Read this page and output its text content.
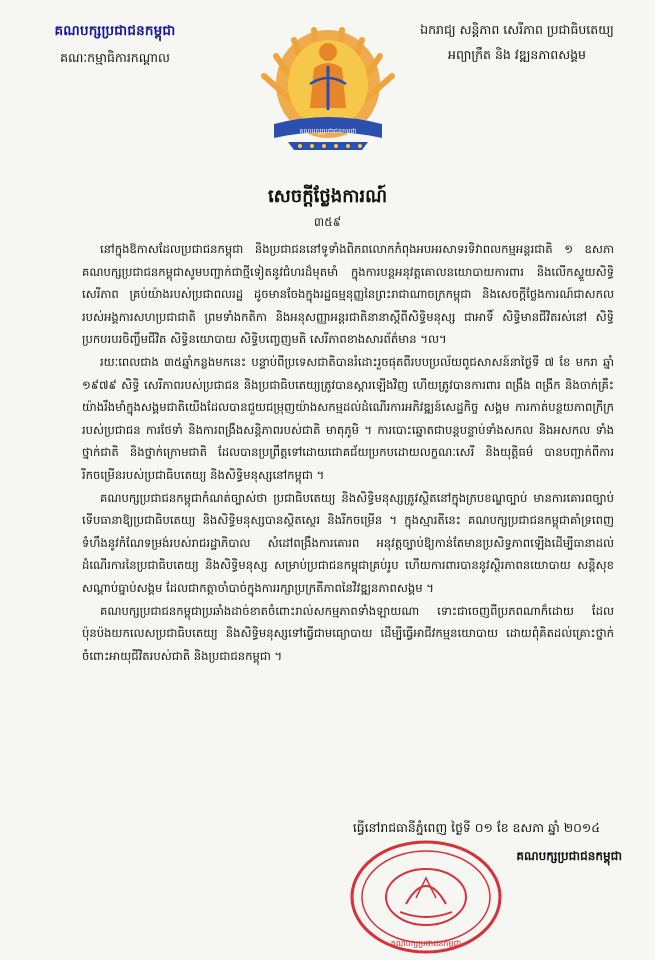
គណបក្សប្រជាជនកម្ពុជា
គណៈកម្មាធិការកណ្តាល
គណបក្សប្រជាជនកម្ពុជា
ឯករាជ្យ សន្តិភាព សេរីភាព ប្រជាធិបតេយ្យ
អព្យាក្រឹត និង វឌ្ឍនភាពសង្គម
សេចក្តីថ្លែងការណ៍
៣៥៩

នៅក្នុងឱកាសដែលប្រជាជនកម្ពុជា និងប្រជាជននៅទូទាំងពិភពលោកកំពុងអបអរសាទរទិវាពលកម្មអន្តរជាតិ ១ ឧសភា គណបក្សប្រជាជនកម្ពុជាសូមបញ្ជាក់ជាថ្មីទៀតនូវជំហរដ៏មុតមាំ ក្នុងការបន្តអនុវត្តគោលនយោបាយការពារ និងលើកស្ទួយសិទ្ធិ សេរីភាព គ្រប់យ៉ាងរបស់ប្រជាពលរដ្ឋ ដូចមានចែងក្នុងរដ្ឋធម្មនុញ្ញនៃព្រះរាជាណាចក្រកម្ពុជា និងសេចក្តីថ្លែងការណ៍ជាសកលរបស់អង្គការសហប្រជាជាតិ ព្រមទាំងកតិកា និងអនុសញ្ញាអន្តរជាតិនានាស្តីពីសិទ្ធិមនុស្ស ជាអាទិ៍ សិទ្ធិមានជីវិតរស់នៅ សិទ្ធិប្រកបរបរចិញ្ចឹមជីវិត សិទ្ធិនយោបាយ សិទ្ធិបញ្ចេញមតិ សេរីភាពខាងសារព័ត៌មាន ។ល។

រយៈពេលជាង ៣៥ឆ្នាំកន្លងមកនេះ បន្ទាប់ពីប្រទេសជាតិបានរំដោះរួចផុតពីរបបប្រល័យពូជសាសន៍នាថ្ងៃទី ៧ ខែ មករា ឆ្នាំ ១៩៧៩ សិទ្ធិ សេរីភាពរបស់ប្រជាជន និងប្រជាធិបតេយ្យត្រូវបានស្តារឡើងវិញ ហើយត្រូវបានការពារ ពង្រឹង ពង្រីក និងចាក់គ្រឹះយ៉ាងរឹងមាំក្នុងសង្គមជាតិយើងដែលបានជួយជម្រុញយ៉ាងសកម្មដល់ដំណើរការអភិវឌ្ឍន៍សេដ្ឋកិច្ច សង្គម ការកាត់បន្ថយភាពក្រីក្ររបស់ប្រជាជន ការថែទាំ និងការពង្រឹងសន្តិភាពរបស់ជាតិ មាតុភូមិ ។ ការបោះឆ្នោតជាបន្តបន្ទាប់ទាំងសកល និងអសកល ទាំងថ្នាក់ជាតិ និងថ្នាក់ក្រោមជាតិ ដែលបានប្រព្រឹត្តទៅដោយជោគជ័យប្រកបដោយលក្ខណៈសេរី និងយុត្តិធម៌ បានបញ្ជាក់ពីការរីកចម្រើនរបស់ប្រជាធិបតេយ្យ និងសិទ្ធិមនុស្សនៅកម្ពុជា ។

គណបក្សប្រជាជនកម្ពុជាកំណត់ច្បាស់ថា ប្រជាធិបតេយ្យ និងសិទ្ធិមនុស្សត្រូវស្ថិតនៅក្នុងក្របខណ្ឌច្បាប់ មានការគោរពច្បាប់ទើបធានាឱ្យប្រជាធិបតេយ្យ និងសិទ្ធិមនុស្សបានស្ថិតស្ថេរ និងរីកចម្រើន ។ ក្នុងស្មារតីនេះ គណបក្សប្រជាជនកម្ពុជាគាំទ្រពេញទំហឹងនូវកំណែទម្រង់របស់រាជរដ្ឋាភិបាល សំដៅពង្រឹងការគោរព អនុវត្តច្បាប់ឱ្យកាន់តែមានប្រសិទ្ធភាពឡើងដើម្បីធានាដល់ដំណើរការនៃប្រជាធិបតេយ្យ និងសិទ្ធិមនុស្ស សម្រាប់ប្រជាជនកម្ពុជាគ្រប់រូប ហើយការពារបាននូវស្ថិរភាពនយោបាយ សន្តិសុខ សណ្តាប់ធ្នាប់សង្គម ដែលជាកត្តាចាំបាច់ក្នុងការរក្សាប្រក្រតីភាពនៃវិវឌ្ឍនភាពសង្គម ។

គណបក្សប្រជាជនកម្ពុជាប្រឆាំងដាច់ខាតចំពោះរាល់សកម្មភាពទាំងឡាយណា ទោះជាចេញពីប្រភពណាក៏ដោយ ដែលប៉ុនប៉ងយកលេសប្រជាធិបតេយ្យ និងសិទ្ធិមនុស្សទៅធ្វើជាមធ្យោបាយ ដើម្បីធ្វើអាជីវកម្មនយោបាយ ដោយពុំគិតដល់គ្រោះថ្នាក់ចំពោះអាយុជីវិតរបស់ជាតិ និងប្រជាជនកម្ពុជា ។

ធ្វើនៅរាជធានីភ្នំពេញ ថ្ងៃទី ០១ ខែ ឧសភា ឆ្នាំ ២០១៤
គណបក្សប្រជាជនកម្ពុជា
គណបក្សប្រជាជនកម្ពុជា
